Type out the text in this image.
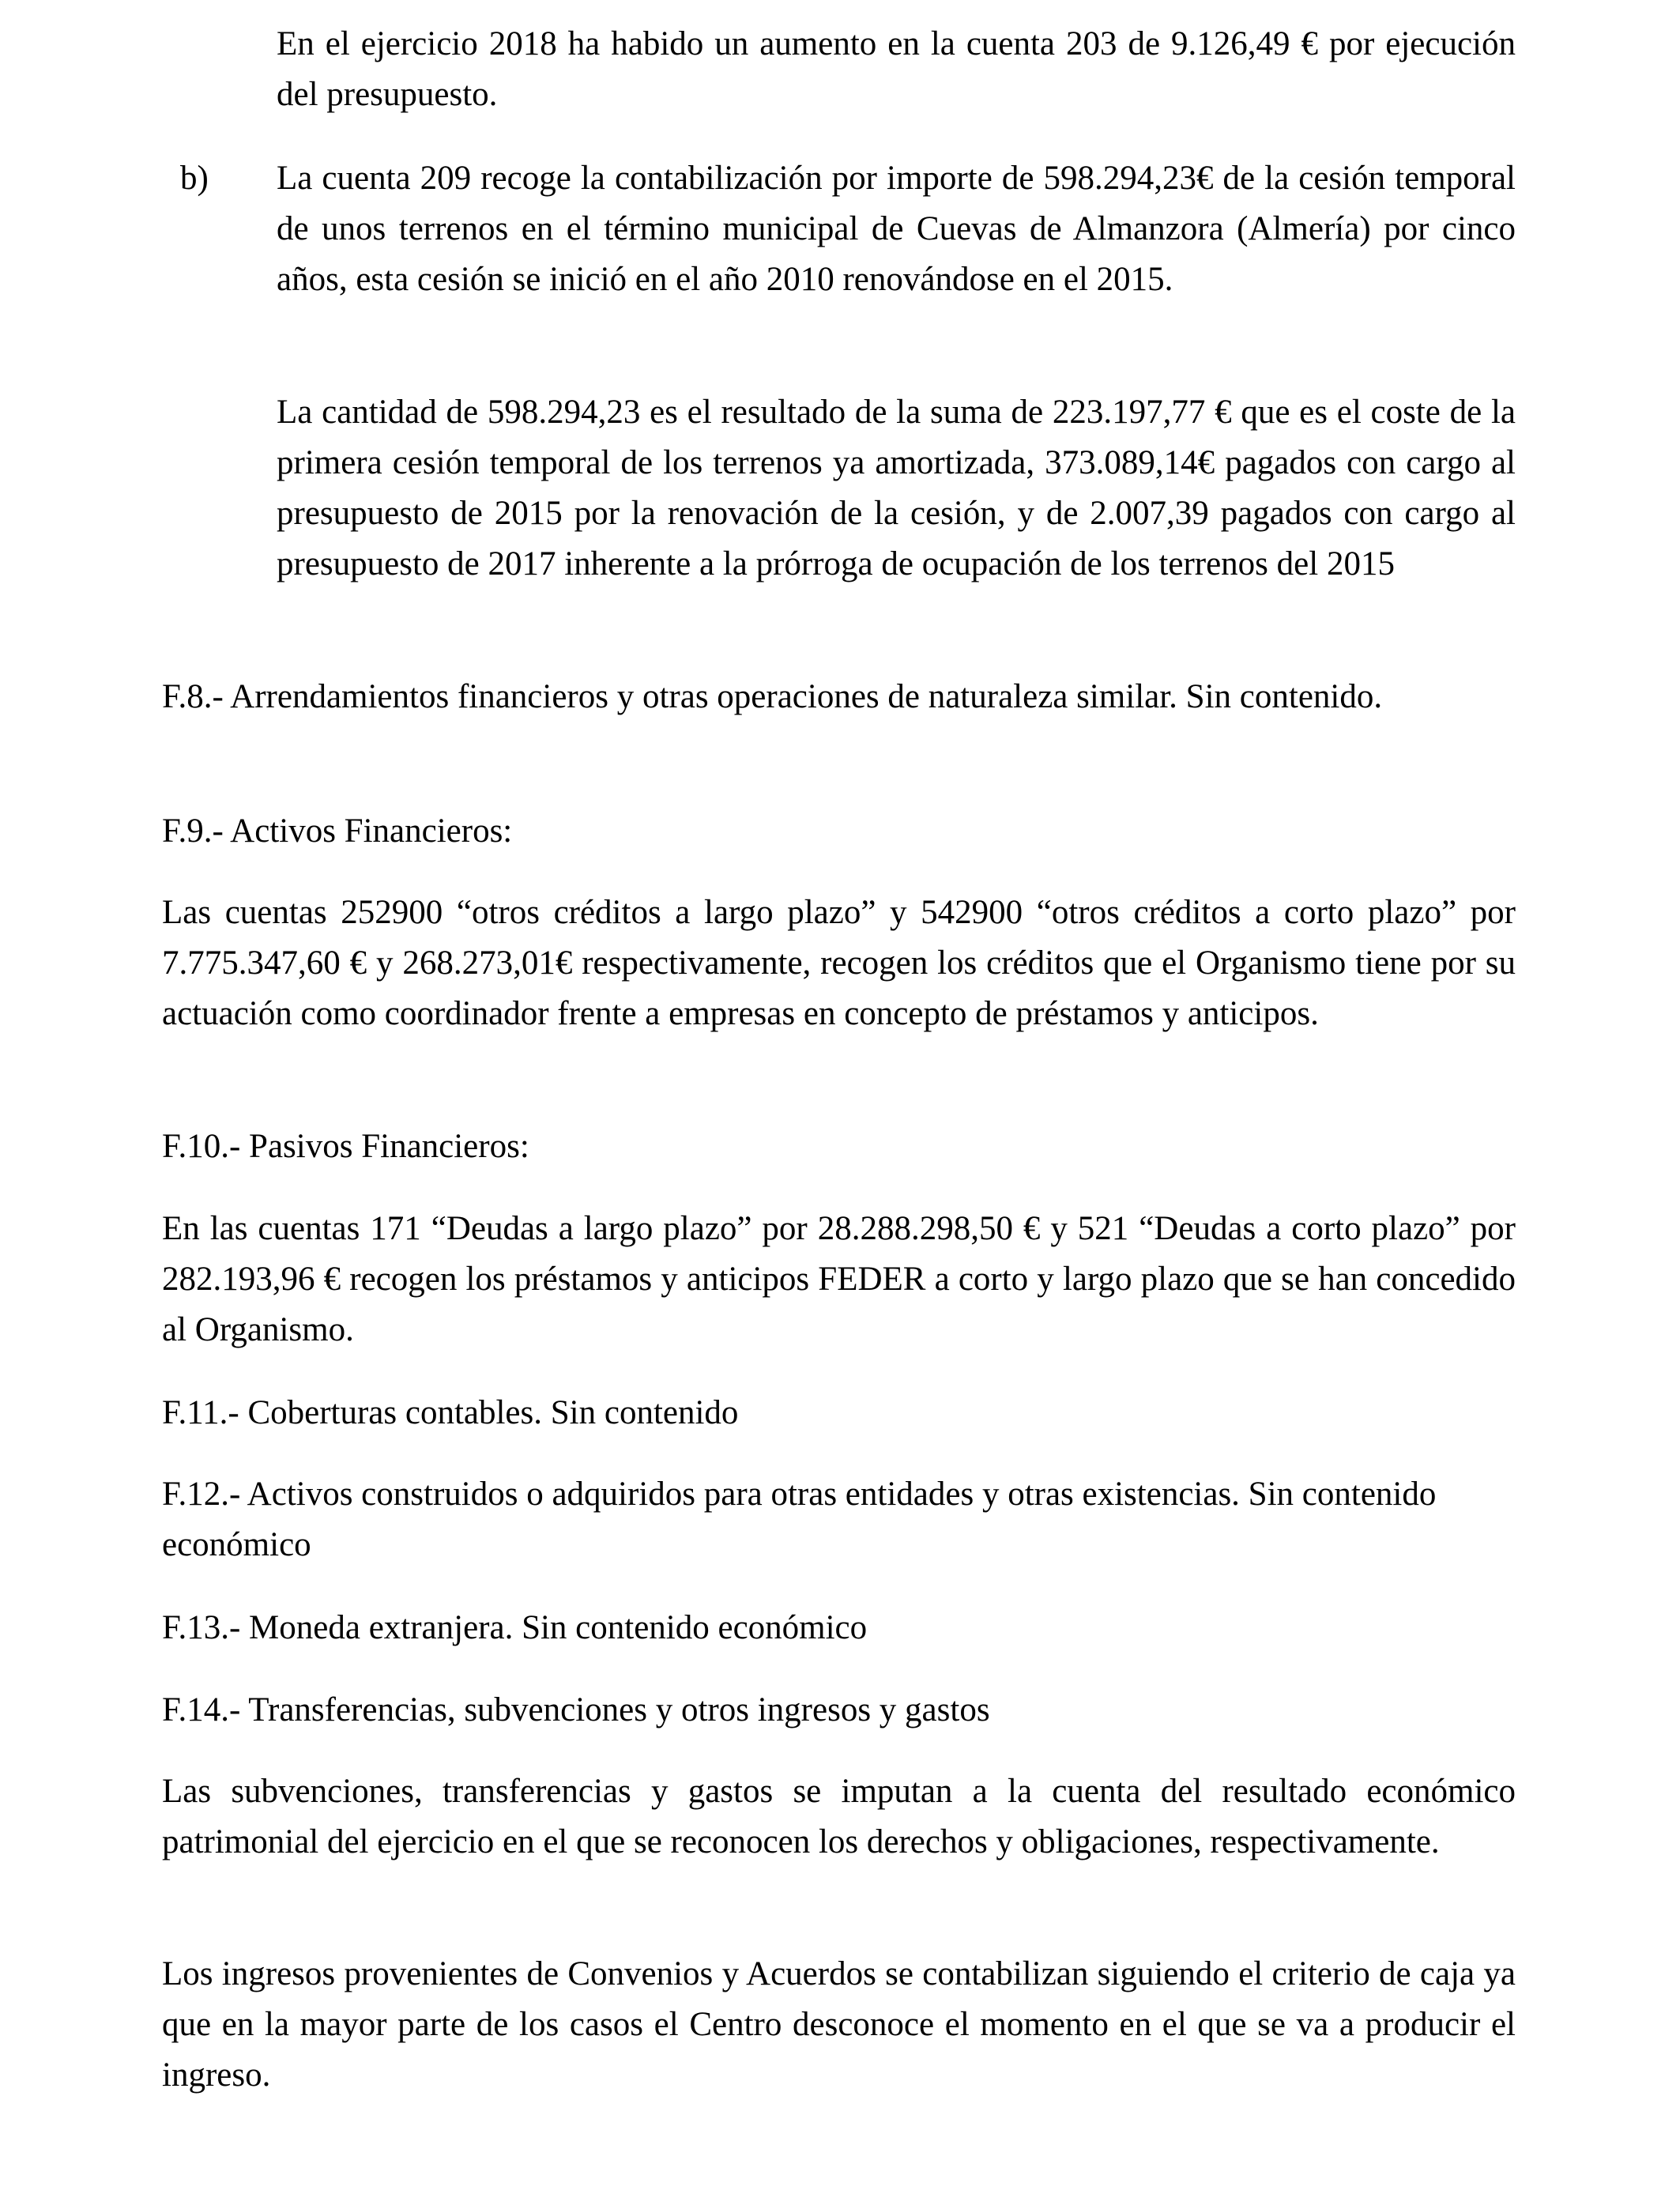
En el ejercicio 2018 ha habido un aumento en la cuenta 203 de 9.126,49 € por ejecución del presupuesto.

b) La cuenta 209 recoge la contabilización por importe de 598.294,23€ de la cesión temporal de unos terrenos en el término municipal de Cuevas de Almanzora (Almería) por cinco años, esta cesión se inició en el año 2010 renovándose en el 2015.

La cantidad de 598.294,23 es el resultado de la suma de 223.197,77 € que es el coste de la primera cesión temporal de los terrenos ya amortizada, 373.089,14€ pagados con cargo al presupuesto de 2015 por la renovación de la cesión, y de 2.007,39 pagados con cargo al presupuesto de 2017 inherente a la prórroga de ocupación de los terrenos del 2015

F.8.- Arrendamientos financieros y otras operaciones de naturaleza similar. Sin contenido.

F.9.- Activos Financieros:

Las cuentas 252900 “otros créditos a largo plazo” y 542900 “otros créditos a corto plazo” por 7.775.347,60 € y 268.273,01€ respectivamente, recogen los créditos que el Organismo tiene por su actuación como coordinador frente a empresas en concepto de préstamos y anticipos.

F.10.- Pasivos Financieros:

En las cuentas 171 “Deudas a largo plazo” por 28.288.298,50 € y 521 “Deudas a corto plazo” por 282.193,96 € recogen los préstamos y anticipos FEDER a corto y largo plazo que se han concedido al Organismo.

F.11.- Coberturas contables. Sin contenido

F.12.- Activos construidos o adquiridos para otras entidades y otras existencias. Sin contenido económico

F.13.- Moneda extranjera. Sin contenido económico

F.14.- Transferencias, subvenciones y otros ingresos y gastos

Las subvenciones, transferencias y gastos se imputan a la cuenta del resultado económico patrimonial del ejercicio en el que se reconocen los derechos y obligaciones, respectivamente.

Los ingresos provenientes de Convenios y Acuerdos se contabilizan siguiendo el criterio de caja ya que en la mayor parte de los casos el Centro desconoce el momento en el que se va a producir el ingreso.
